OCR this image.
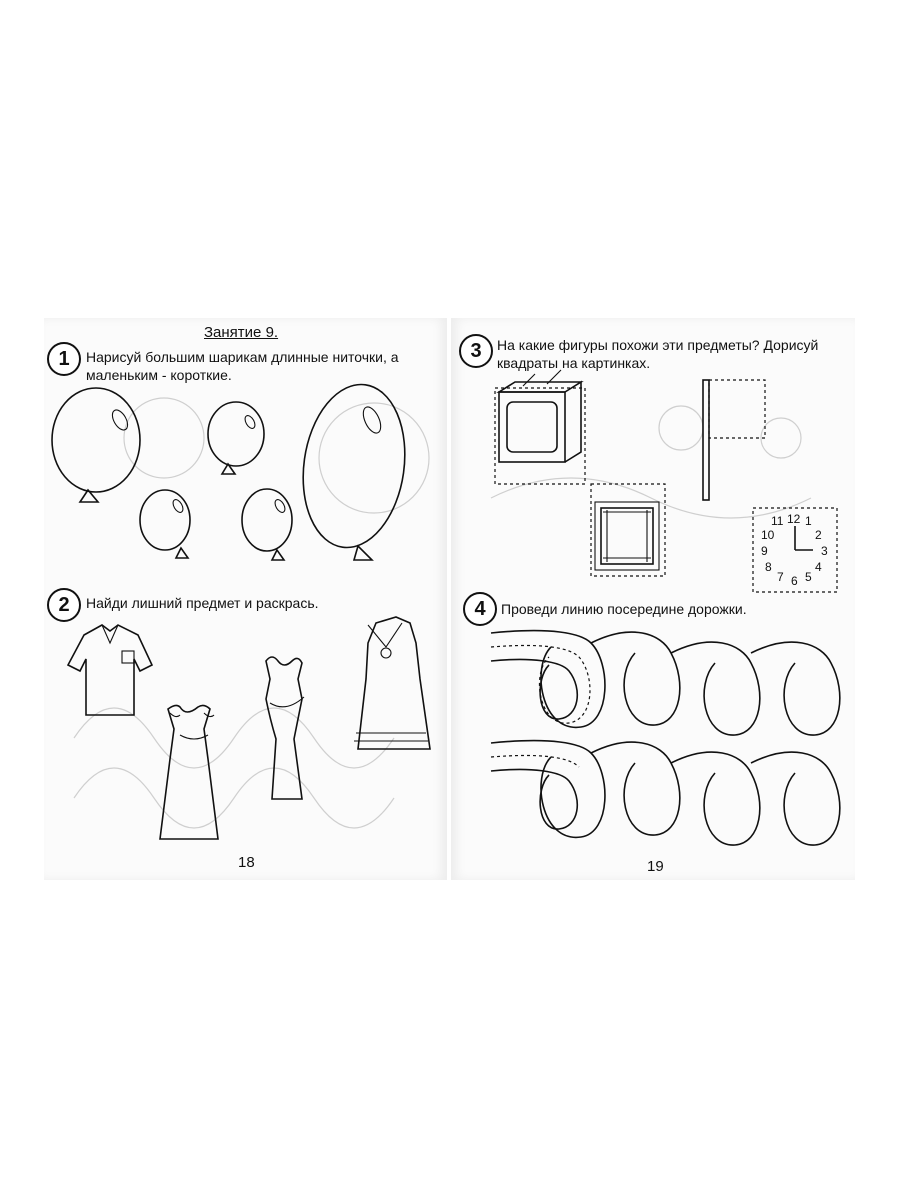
Занятие 9.
1	Нарисуй большим шарикам длинные ниточки, а
маленьким - короткие.
2	Найди лишний предмет и раскрась.
18
3	На какие фигуры похожи эти предметы? Дорисуй
квадраты на картинках.
12 1
2
3
4
5
6
7
8
9
10
11
4	Проведи линию посередине дорожки.
19
